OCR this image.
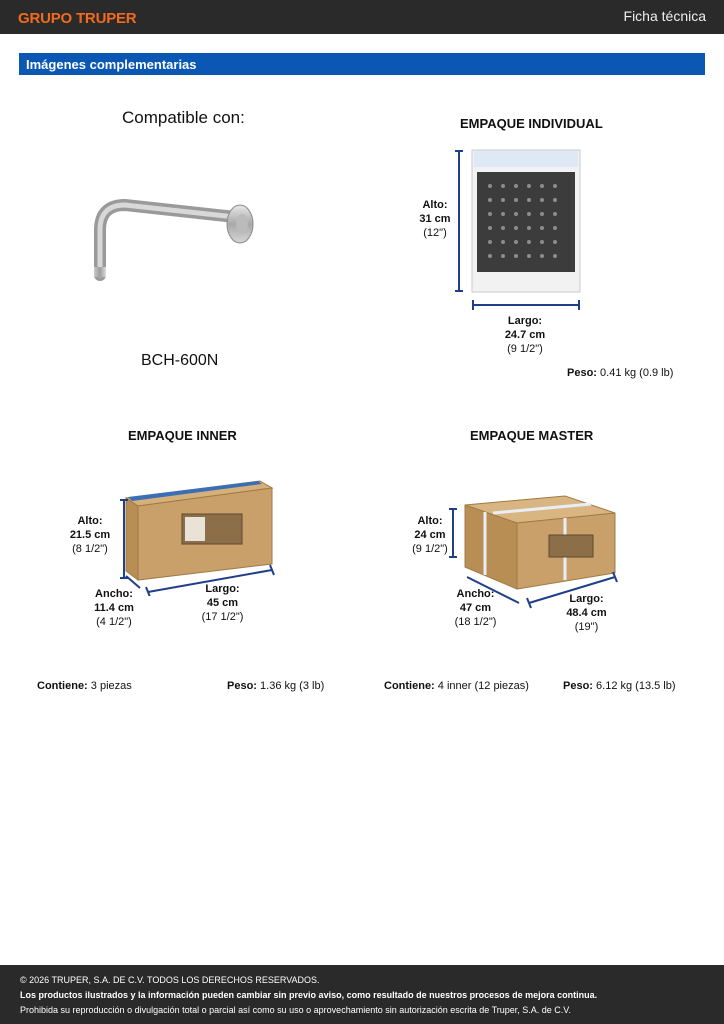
GRUPO TRUPER	Ficha técnica
Imágenes complementarias
Compatible con:
BCH-600N
EMPAQUE INDIVIDUAL
Alto:
31 cm
(12")
Largo:
24.7 cm
(9 1/2")
Peso: 0.41 kg (0.9 lb)
EMPAQUE INNER
Alto:
21.5 cm
(8 1/2")
Ancho:
11.4 cm
(4 1/2")
Largo:
45 cm
(17 1/2")
Contiene: 3 piezas	Peso: 1.36 kg (3 lb)
EMPAQUE MASTER
Alto:
24 cm
(9 1/2")
Ancho:
47 cm
(18 1/2")
Largo:
48.4 cm
(19")
Contiene: 4 inner (12 piezas)	Peso: 6.12 kg (13.5 lb)
© 2026 TRUPER, S.A. DE C.V. TODOS LOS DERECHOS RESERVADOS.
Los productos ilustrados y la información pueden cambiar sin previo aviso, como resultado de nuestros procesos de mejora continua.
Prohibida su reproducción o divulgación total o parcial así como su uso o aprovechamiento sin autorización escrita de Truper, S.A. de C.V.
